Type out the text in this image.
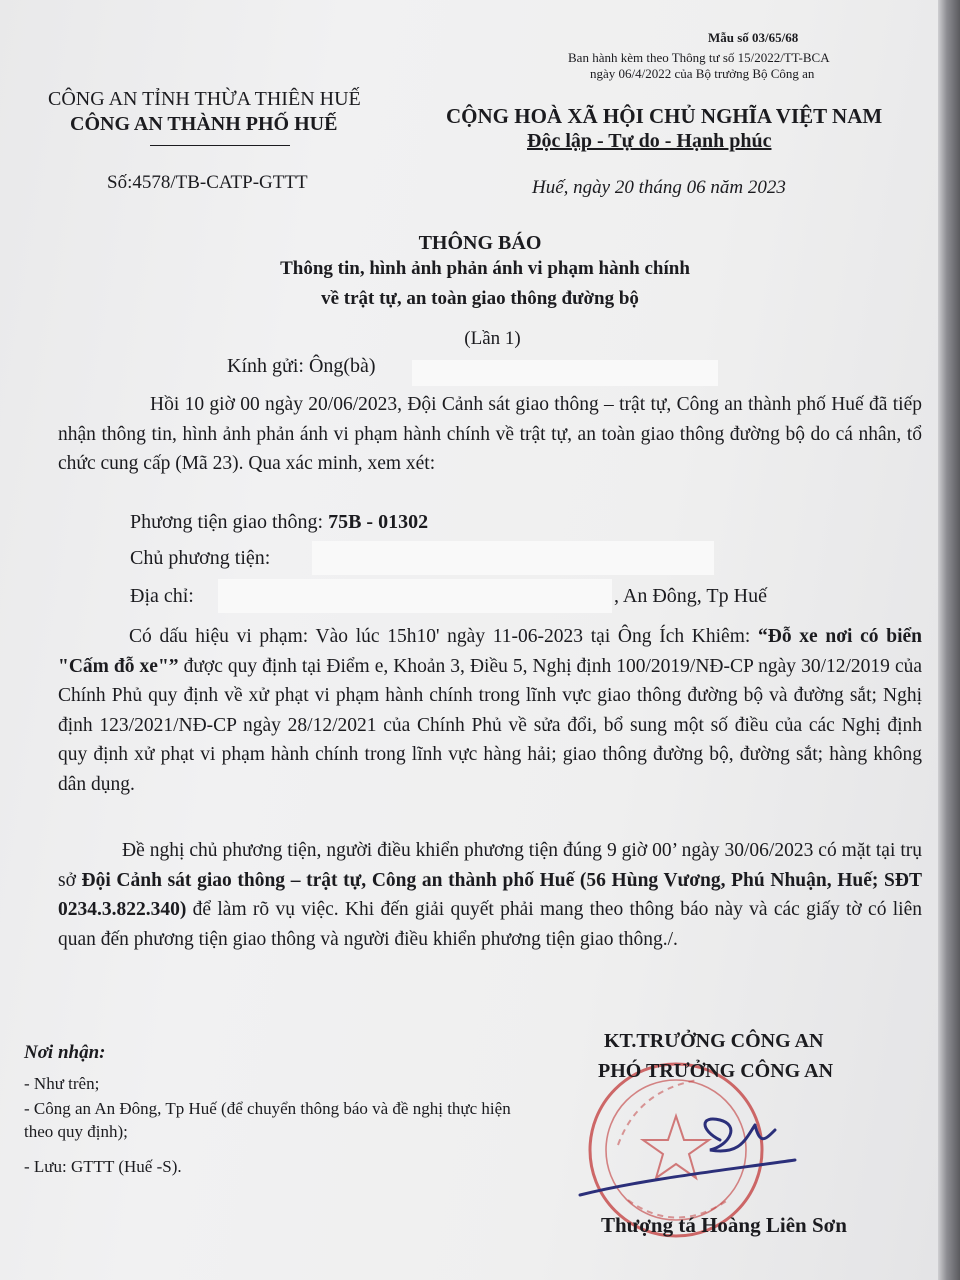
Mẫu số 03/65/68
Ban hành kèm theo Thông tư số 15/2022/TT-BCA
ngày 06/4/2022 của Bộ trưởng Bộ Công an
CÔNG AN TỈNH THỪA THIÊN HUẾ
CÔNG AN THÀNH PHỐ HUẾ	CỘNG HOÀ XÃ HỘI CHỦ NGHĨA VIỆT NAM
Độc lập - Tự do - Hạnh phúc
Số:4578/TB-CATP-GTTT	Huế, ngày 20 tháng 06 năm 2023
THÔNG BÁO
Thông tin, hình ảnh phản ánh vi phạm hành chính
về trật tự, an toàn giao thông đường bộ
(Lần 1)
Kính gửi: Ông(bà)
Hồi 10 giờ 00 ngày 20/06/2023, Đội Cảnh sát giao thông – trật tự, Công an thành phố Huế đã tiếp nhận thông tin, hình ảnh phản ánh vi phạm hành chính về trật tự, an toàn giao thông đường bộ do cá nhân, tổ chức cung cấp (Mã 23). Qua xác minh, xem xét:
Phương tiện giao thông: 75B - 01302
Chủ phương tiện:
Địa chỉ:	, An Đông, Tp Huế
Có dấu hiệu vi phạm: Vào lúc 15h10' ngày 11-06-2023 tại Ông Ích Khiêm: “Đỗ xe nơi có biển "Cấm đỗ xe"” được quy định tại Điểm e, Khoản 3, Điều 5, Nghị định 100/2019/NĐ-CP ngày 30/12/2019 của Chính Phủ quy định về xử phạt vi phạm hành chính trong lĩnh vực giao thông đường bộ và đường sắt; Nghị định 123/2021/NĐ-CP ngày 28/12/2021 của Chính Phủ về sửa đổi, bổ sung một số điều của các Nghị định quy định xử phạt vi phạm hành chính trong lĩnh vực hàng hải; giao thông đường bộ, đường sắt; hàng không dân dụng.
Đề nghị chủ phương tiện, người điều khiển phương tiện đúng 9 giờ 00’ ngày 30/06/2023 có mặt tại trụ sở Đội Cảnh sát giao thông – trật tự, Công an thành phố Huế (56 Hùng Vương, Phú Nhuận, Huế; SĐT 0234.3.822.340) để làm rõ vụ việc. Khi đến giải quyết phải mang theo thông báo này và các giấy tờ có liên quan đến phương tiện giao thông và người điều khiển phương tiện giao thông./.
Nơi nhận:
- Như trên;
- Công an An Đông, Tp Huế (để chuyển thông báo và đề nghị thực hiện theo quy định);
- Lưu: GTTT (Huế -S).
KT.TRƯỞNG CÔNG AN
PHÓ TRƯỞNG CÔNG AN
Thượng tá Hoàng Liên Sơn
